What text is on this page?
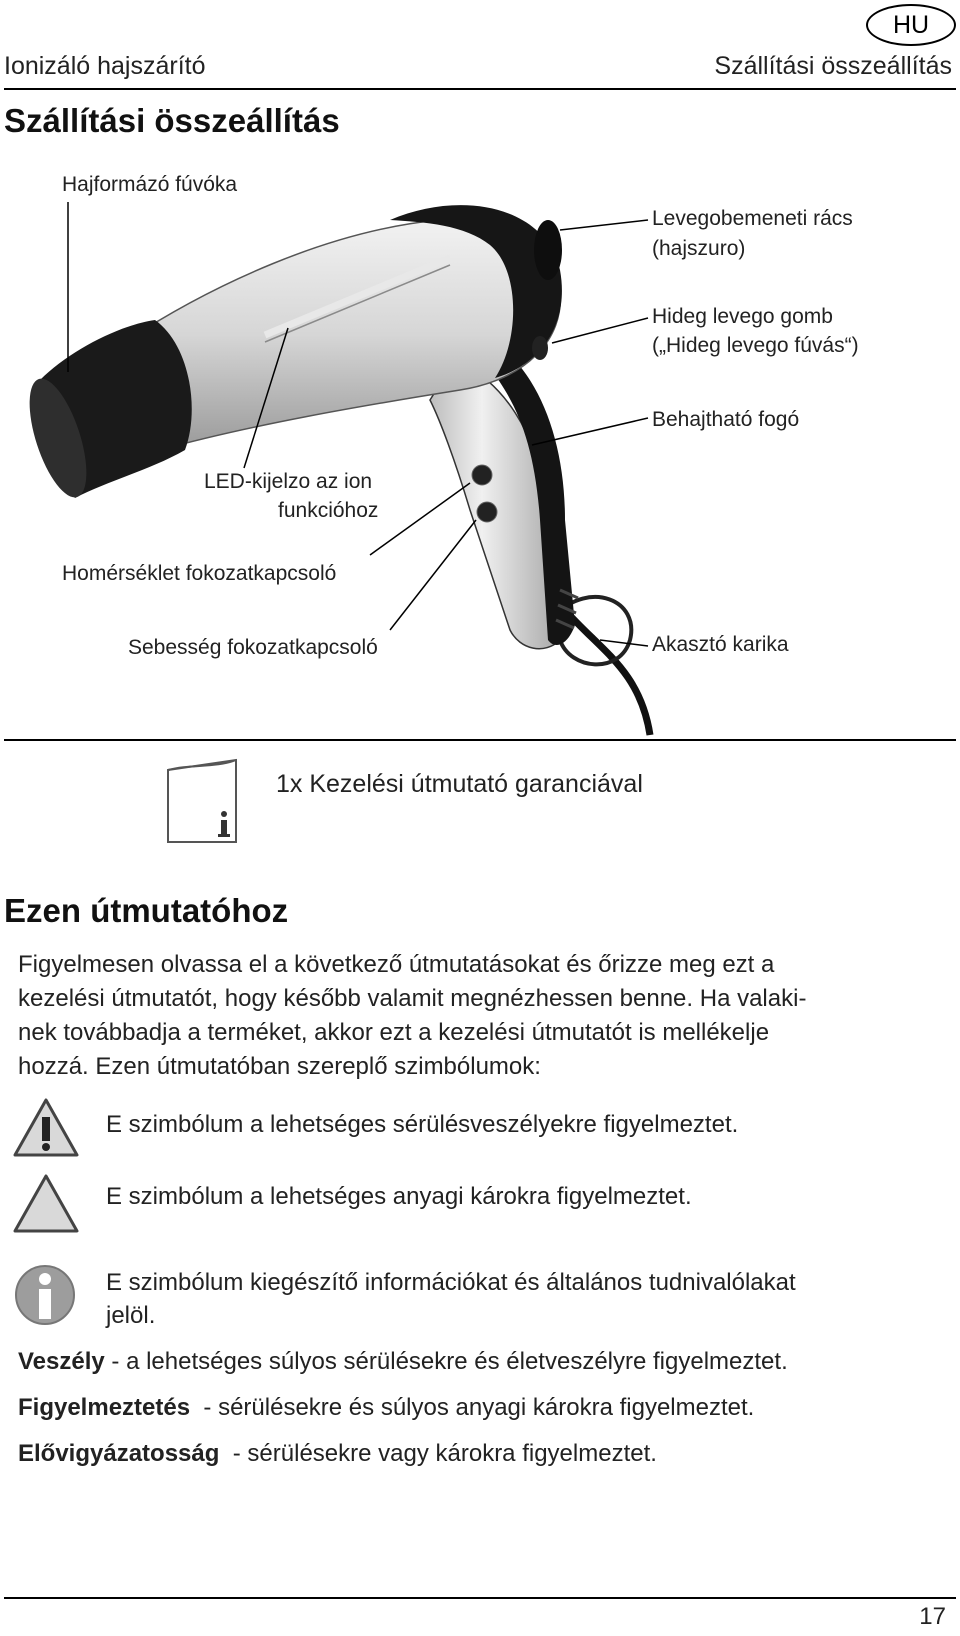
HU
Ionizáló hajszárító	Szállítási összeállítás
Szállítási összeállítás
Hajformázó fúvóka
Levegobemeneti rács
(hajszuro)
Hideg levego gomb
(„Hideg levego fúvás“)
Behajtható fogó
LED-kijelzo az ion
funkcióhoz
Homérséklet fokozatkapcsoló
Sebesség fokozatkapcsoló	Akasztó karika
1x Kezelési útmutató garanciával
Ezen útmutatóhoz
Figyelmesen olvassa el a következő útmutatásokat és őrizze meg ezt a
kezelési útmutatót, hogy később valamit megnézhessen benne. Ha valaki-
nek továbbadja a terméket, akkor ezt a kezelési útmutatót is mellékelje
hozzá. Ezen útmutatóban szereplő szimbólumok:
E szimbólum a lehetséges sérülésveszélyekre figyelmeztet.
E szimbólum a lehetséges anyagi károkra figyelmeztet.
E szimbólum kiegészítő információkat és általános tudnivalólakat
jelöl.
Veszély - a lehetséges súlyos sérülésekre és életveszélyre figyelmeztet.
Figyelmeztetés  - sérülésekre és súlyos anyagi károkra figyelmeztet.
Elővigyázatosság  - sérülésekre vagy károkra figyelmeztet.
17
